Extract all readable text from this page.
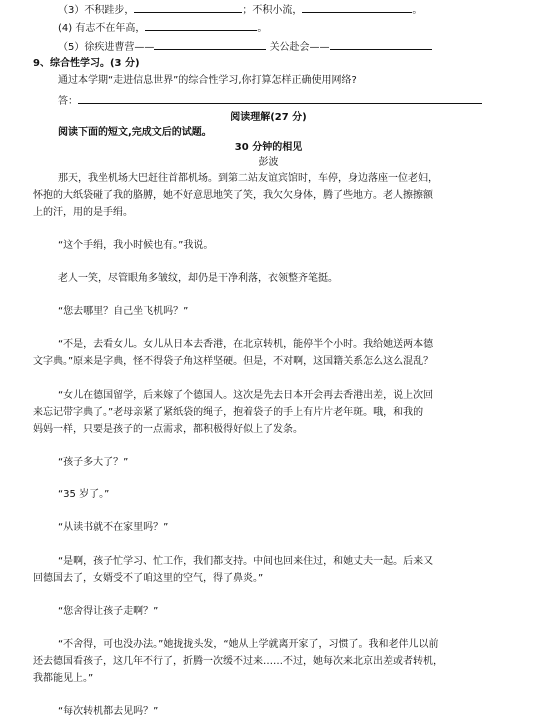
（3）不积跬步，	；不积小流，	。
(4) 有志不在年高，	。
（5）徐疾进曹营——	关公赴会——
9、综合性学习。(3 分)
通过本学期“走进信息世界”的综合性学习,你打算怎样正确使用网络?
答：
阅读理解(27 分)
阅读下面的短文,完成文后的试题。
30 分钟的相见
彭波
那天，我坐机场大巴赶往首都机场。到第二站友谊宾馆时，车停，身边落座一位老妇，
怀抱的大纸袋碰了我的胳膊，她不好意思地笑了笑，我欠欠身体，腾了些地方。老人擦擦额
上的汗，用的是手绢。
“这个手绢，我小时候也有。”我说。
老人一笑，尽管眼角多皱纹，却仍是干净利落，衣领整齐笔挺。
“您去哪里？自己坐飞机吗？”
“不是，去看女儿。女儿从日本去香港，在北京转机，能停半个小时。我给她送两本德
文字典。”原来是字典，怪不得袋子角这样坚硬。但是，不对啊，这国籍关系怎么这么混乱？
“女儿在德国留学，后来嫁了个德国人。这次是先去日本开会再去香港出差，说上次回
来忘记带字典了。”老母亲紧了紧纸袋的绳子，抱着袋子的手上有片片老年斑。哦，和我的
妈妈一样，只要是孩子的一点需求，都积极得好似上了发条。
“孩子多大了？”
“35 岁了。”
“从读书就不在家里吗？”
“是啊，孩子忙学习、忙工作，我们都支持。中间也回来住过，和她丈夫一起。后来又
回德国去了，女婿受不了咱这里的空气，得了鼻炎。”
“您舍得让孩子走啊？”
“不舍得，可也没办法。”她拢拢头发，“她从上学就离开家了，习惯了。我和老伴儿以前
还去德国看孩子，这几年不行了，折腾一次缓不过来……不过，她每次来北京出差或者转机，
我都能见上。”
“每次转机都去见吗？”
